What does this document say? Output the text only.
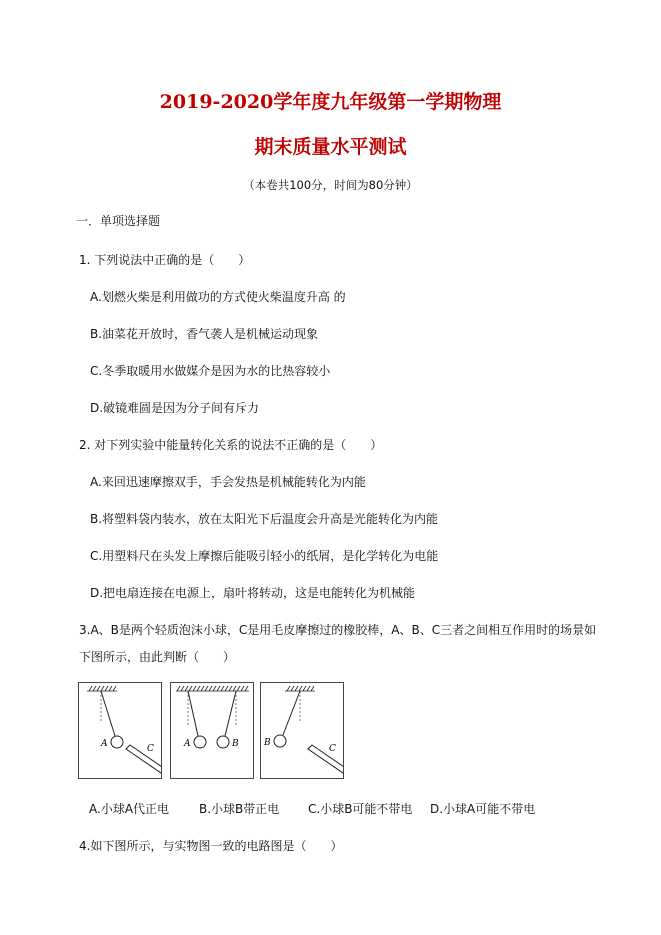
2019-2020学年度九年级第一学期物理
期末质量水平测试
（本卷共100分，时间为80分钟）
一．单项选择题
1. 下列说法中正确的是（　　）
A.划燃火柴是利用做功的方式使火柴温度升高 的
B.油菜花开放时，香气袭人是机械运动现象
C.冬季取暖用水做媒介是因为水的比热容较小
D.破镜难圆是因为分子间有斥力
2. 对下列实验中能量转化关系的说法不正确的是（　　）
A.来回迅速摩擦双手，手会发热是机械能转化为内能
B.将塑料袋内装水，放在太阳光下后温度会升高是光能转化为内能
C.用塑料尺在头发上摩擦后能吸引轻小的纸屑，是化学转化为电能
D.把电扇连接在电源上，扇叶将转动，这是电能转化为机械能
3.A、B是两个轻质泡沫小球，C是用毛皮摩擦过的橡胶棒，A、B、C三者之间相互作用时的场景如
下图所示，由此判断（　　）
A	C	A	B	B
C
A.小球A代正电 B.小球B带正电 C.小球B可能不带电 D.小球A可能不带电
4.如下图所示，与实物图一致的电路图是（　　）
